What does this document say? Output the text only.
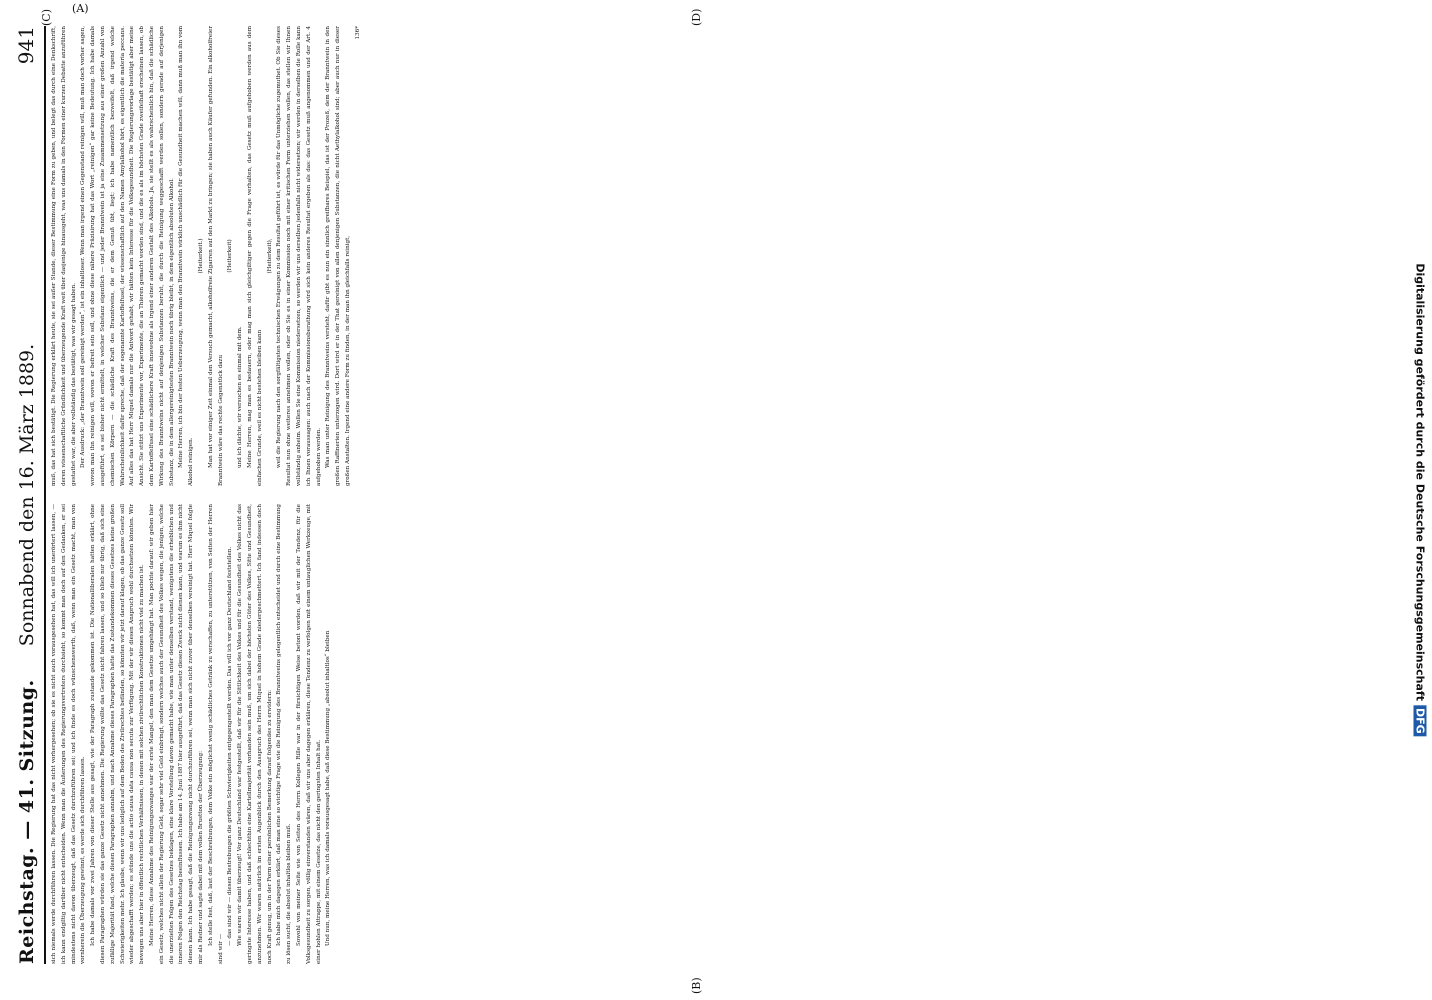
Reichstag. — 41. Sitzung.
Sonnabend den 16. März 1889.
941

sich niemals werde durchführen lassen. Die Regierung hat das nicht vorhergesehen; ob sie es nicht auch vorausgesehen hat, das will ich unerörtert lassen, — ich kann endgiltig darüber nicht entscheiden. Wenn man die Äußerungen des Regierungsvertreters durchsieht, so kommt man doch auf den Gedanken, er sei mindestens nicht davon überzeugt, daß das Gesetz durchzuführen sei; und ich finde es doch wünschenswerth, daß, wenn man ein Gesetz macht, man von vornherein die Überzeugung gewinnt, es werde sich durchführen lassen. Ich habe damals vor zwei Jahren von dieser Stelle aus gesagt, wie der Paragraph zustande gekommen ist. Die Nationalliberalen hatten erklärt, ohne diesen Paragraphen würden sie das ganze Gesetz nicht annehmen. Die Regierung wollte das Gesetz nicht fahren lassen, und so blieb nur übrig, daß sich eine zufällige Majorität fand, welche diesen Paragraphen annahm, und nach Annahme dieses Paragraphen hatte das Zustandekommen dieses Gesetzes keine großen Schwierigkeiten mehr. Ich glaube, wenn wir uns lediglich auf dem Boden des Zivilrechtes befänden, so könnten wir jetzt darauf klagen, ob das ganze Gesetz soll wieder abgeschafft werden; es stünde uns die actio causa data causa non secuta zur Verfügung. Mit der wir diesen Anspruch wohl durchsetzen könnten. Wir bewegen uns aber hier in öffentlich rechtlichen Verhältnissen, in denen mit solchen zivilrechtlichen Konstruktionen nicht viel zu machen ist. Meine Herren, diese Annahme des Reinigungszwanges war der erste Mangel, den man dem Gesetze umgehängt hat. Man pochte darauf: wir geben hier ein Gesetz, welches nicht allein der Regierung Geld, sogar sehr viel Geld einbringt, sondern welches auch der Gesundheit des Volkes wegen, die jenigen, welche die unerzielten Folgen des Gesetzes beklagen, eine klare Vorstellung davon gemacht habe, wie man unter denselben verstand, wenigstens die erheblichen und inneren Folgen den Reichstag beeinflussen. Ich habe am 14. Juni 1887 hier ausgeführt, daß das Gesetz diesen Zweck nicht dienen kann, und warum es ihm nicht dienen kann. Ich habe gesagt, daß die Reinigungszwang nicht durchzuführen sei, wenn man sich nicht zuvor über denselben vereinigt hat. Herr Miquel folgte mir als Redner und sagte dabei mit dem vollen Brustton der Überzeugung: Ich stelle fest, daß, laut der Beschreibungen, dem Volke ein möglichst wenig schädliches Getränk zu verschaffen, zu unterstützen, von Seiten der Herren sind wir —

— das sind wir — diesen Bestrebungen die größten Schwierigkeiten entgegengestellt werden. Das will ich vor ganz Deutschland feststellen. Wie waren wir damit überzeugt! Vor ganz Deutschland war festgestellt, daß wir für die Sittlichkeit des Volkes und für die Gesundheit des Volkes nicht das geringste Interesse haben, und daß schlechthin eine Kartellmajorität vorhanden sein muß, um sich dabei der höchsten Güter des Volkes, Sitte und Gesundheit, anzunehmen. Wir waren natürlich im ersten Augenblick durch den Ausspruch des Herrn Miquel in hohem Grade niedergeschmettert. Ich fand indessen doch noch Kraft genug, um in der Form einer persönlichen Bemerkung darauf folgendes zu erwidern: Ich habe mich dagegen erklärt, daß man eine so wichtige Frage wie die Reinigung des Branntweins gelegentlich entscheidet und durch eine Bestimmung zu lösen sucht, die absolut inhaltlos bleiben muß. Sowohl von meiner Seite wie von Seiten des Herrn Kollegen Rille war in der fürsichtigen Weise betont worden, daß wir mit der Tendenz, für die Volksgesundheit zu sorgen, völlig einverstanden wären, daß wir uns aber dagegen erklären, diese Tendenz zu verfolgen mit einem untauglichen Werkzeuge, mit einer hohlen Attrappe, mit einem Gesetze, das nicht den geringsten Inhalt hat. Und nun, meine Herren, was ich damals vorausgesagt habe, daß diese Bestimmung „absolut inhaltlos“ bleiben

muß, das hat sich bestätigt. Die Regierung erklärt heute, sie sei außer Stande, dieser Bestimmung eine Form zu geben, und belegt das durch eine Denkschrift, deren wissenschaftliche Gründlichkeit und überzeugende Kraft weit über dasjenige hinausgeht, was uns damals in den Formen einer kurzen Debatte anzuführen gestattet war, die aber vollständig das bestätigt, was wir gesagt haben. Der Ausdruck: „der Branntwein soll gereinigt werden“, ist ein inhaltloser. Wenn man irgend einen Gegenstand reinigen will, muß man doch vorher sagen, wovon man ihn reinigen will, wovon er befreit sein soll, und ohne diese nähere Präzisirung hat das Wort „reinigen“ gar keine Bedeutung. Ich habe damals ausgeführt, es sei bisher nicht ermittelt, in welcher Substanz eigentlich — und jeder Branntwein ist ja eine Zusammensetzung aus einer großen Anzahl von chemischen Körpern — die schädliche Kraft des Branntweins, die er dem Genuß übt, liegt; ich habe namentlich bezweifelt, daß irgend welche Wahrscheinlichkeit dafür spreche, daß der sogenannte Kartoffelfusel, der wissenschaftlich auf den Namen Amylalkohol hört, es eigentlich die materia peccans. Auf alles das hat Herr Miquel damals nur die Antwort gehabt, wir hätten kein Interesse für die Volksgesundheit. Die Regierungsvorlage bestätigt aber meine Ansicht. Sie stützt uns Experimente vor, Experimente, die an Thieren gemacht worden sind, und die es als im höchsten Grade zweifelhaft erscheinen lassen, ob dem Kartoffelfusel eine schädlichere Kraft innewohne als irgend einer anderen Gestalt des Alkohols. Ja, sie stellt es als wahrscheinlich hin, daß die schädliche Wirkung des Branntweins nicht auf denjenigen Substanzen beruht, die durch die Reinigung weggeschafft werden sollen, sondern gerade auf derjenigen Substanz, die in dem allergereinigtesten Branntwein noch übrig bleibt, in dem eigentlich absoluten Alkohol. Meine Herren, ich bin der festen Ueberzeugung, wenn man den Branntwein wirklich unschädlich für die Gesundheit machen will, dann muß man ihn vom Alkohol reinigen.

(Heiterkeit.) Man hat vor einiger Zeit einmal den Versuch gemacht, alkoholfreie Zigarren auf den Markt zu bringen; sie haben auch Käufer gefunden. Ein alkoholfreier Branntwein wäre das rechte Gegenstück dazu

(Heiterkeit)

und ich dächte, wir versuchen es einmal mit dem. Meine Herren, mag man es bedauern, oder mag man sich gleichgiltiger gegen die Frage verhalten, das Gesetz muß aufgehoben werden aus dem einfachen Grunde, weil es nicht bestehen bleiben kann

(Heiterkeit), weil die Regierung nach den sorgfältigsten technischen Erwägungen zu dem Resultat geführt ist, es würde für das Unmögliche zugemuthet. Ob Sie dieses Resultat nun ohne weiteres annehmen wollen, oder ob Sie es in einer Kommission noch mit einer kritischen Form unterziehen wollen, das stellen wir Ihnen vollständig anheim. Wollen Sie eine Kommission niedersetzen, so werden wir uns derselben jedenfalls nicht widersetzen; wir werden in derselben die Rolle kann ich Ihnen voraussagen: auch nach der Kommissionsberathung wird sich kein anderes Resultat ergeben als das: das Gesetz muß angenommen und der Art. 4 aufgehoben werden. Was man unter Reinigung des Branntweins versteht, dafür gibt es nun ein sinnlich greifbares Beispiel, das ist der Prozeß, dem der Branntwein in den großen Raffinerien unterzogen wird. Dort wird er in der That gereinigt von allen denjenigen Substanzen, die nicht Aethylalkohol sind; aber auch nur in dieser großen Anstalten. Irgend eine andere Form zu finden, in der man ihn gleichfalls reinigt,

136*

(B)
(C)	(D)
Digitalisierung gefördert durch die Deutsche ForschungsgemeinschaftDFG
(A)
